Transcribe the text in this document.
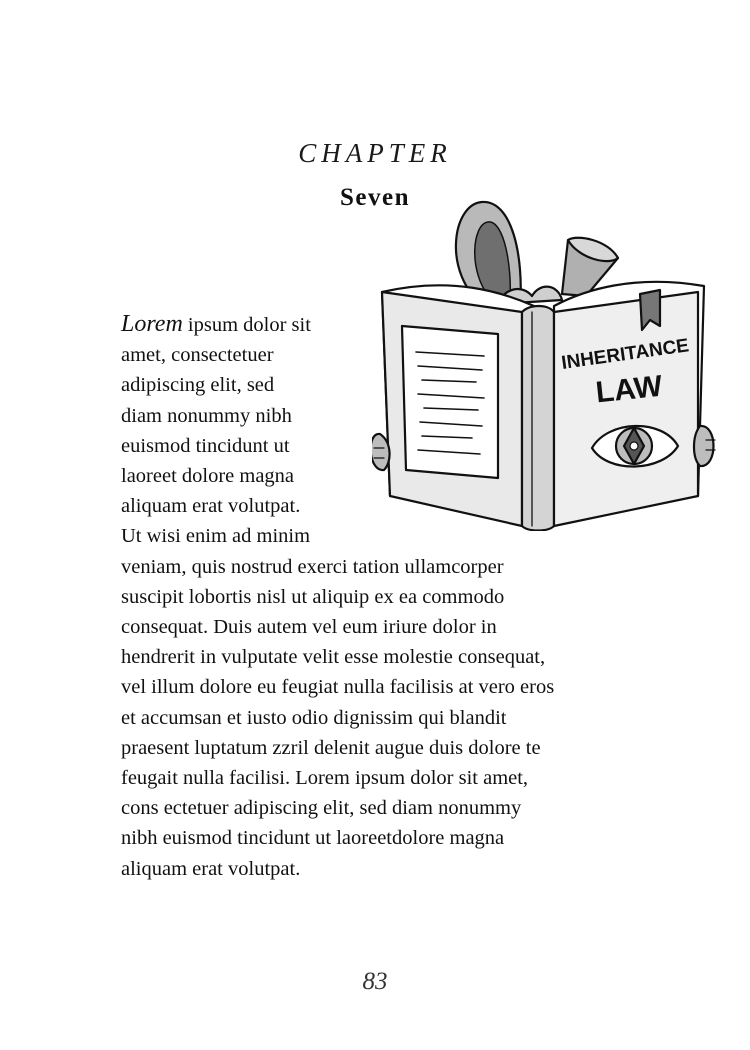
CHAPTER
Seven
INHERITANCE
LAW
Lorem ipsum dolor sit
amet, consectetuer
adipiscing elit, sed
diam nonummy nibh
euismod tincidunt ut
laoreet dolore magna
aliquam erat volutpat.
Ut wisi enim ad minim
veniam, quis nostrud exerci tation ullamcorper
suscipit lobortis nisl ut aliquip ex ea commodo
consequat. Duis autem vel eum iriure dolor in
hendrerit in vulputate velit esse molestie consequat,
vel illum dolore eu feugiat nulla facilisis at vero eros
et accumsan et iusto odio dignissim qui blandit
praesent luptatum zzril delenit augue duis dolore te
feugait nulla facilisi. Lorem ipsum dolor sit amet,
cons ectetuer adipiscing elit, sed diam nonummy
nibh euismod tincidunt ut laoreetdolore magna
aliquam erat volutpat.
83
